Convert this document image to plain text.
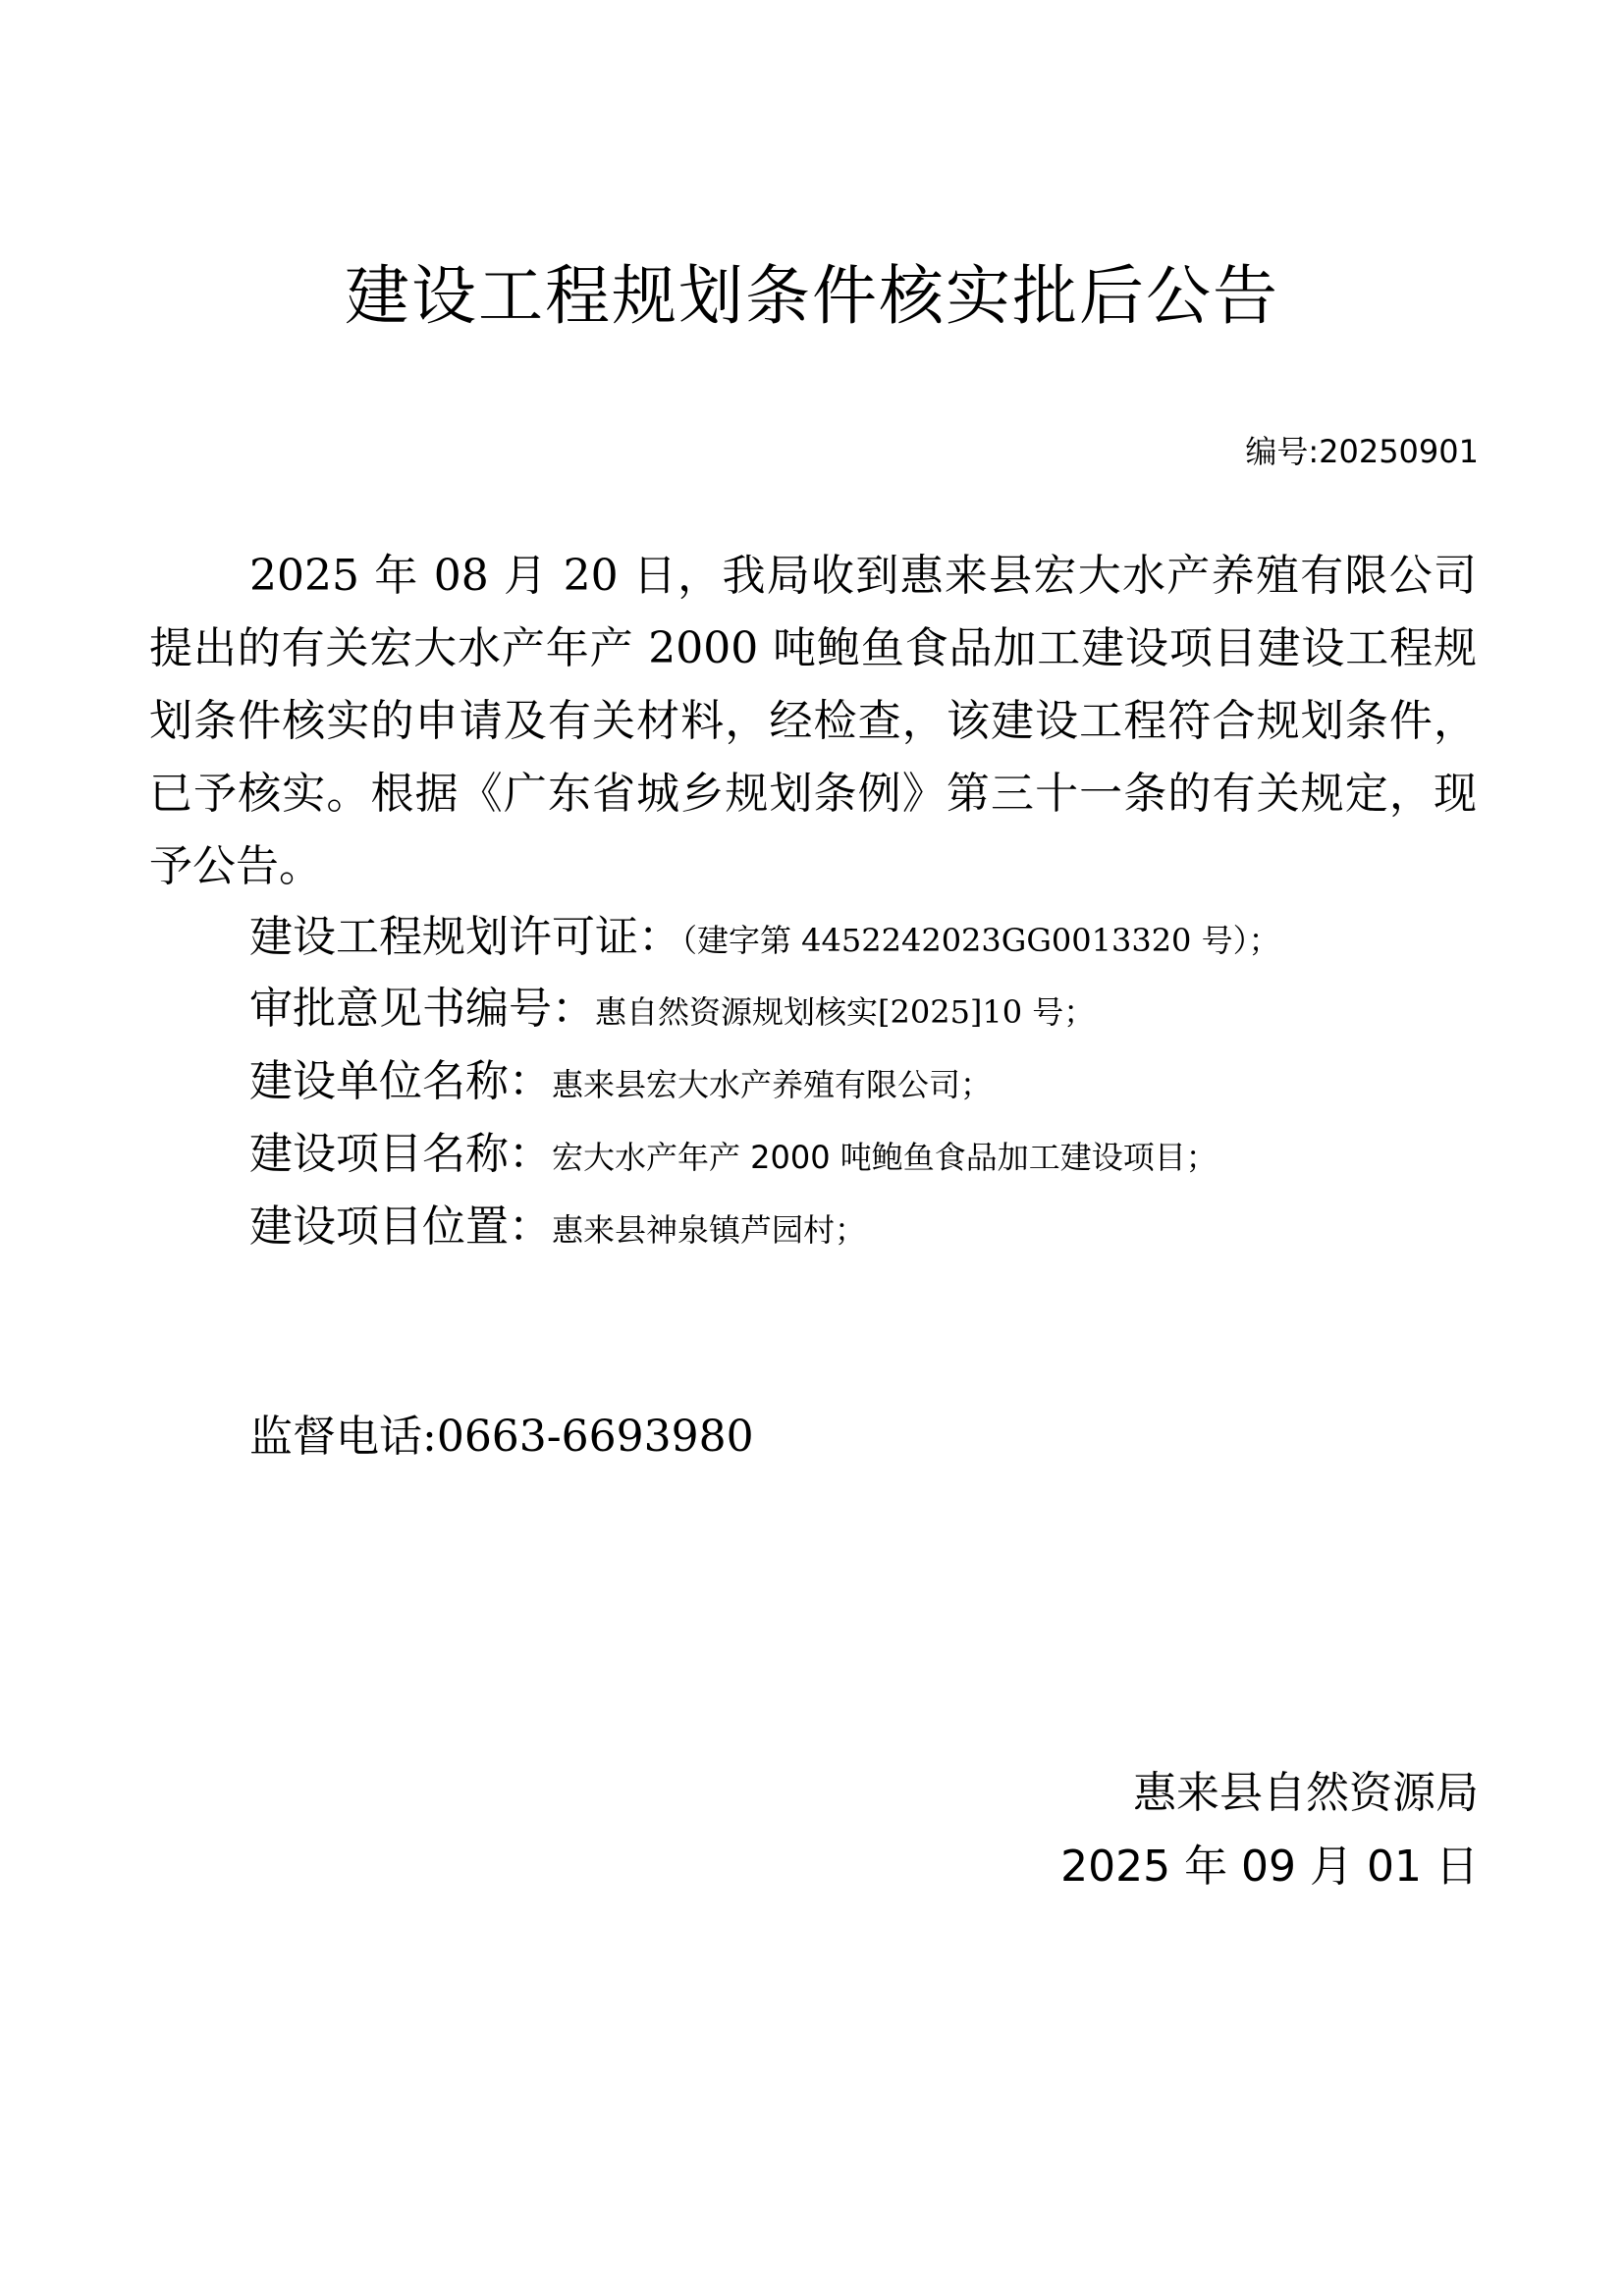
建设工程规划条件核实批后公告
编号:20250901

2025 年 08 月 20 日，我局收到惠来县宏大水产养殖有限公司提出的有关宏大水产年产 2000 吨鲍鱼食品加工建设项目建设工程规划条件核实的申请及有关材料，经检查，该建设工程符合规划条件，已予核实。根据《广东省城乡规划条例》第三十一条的有关规定，现予公告。

建设工程规划许可证：（建字第 4452242023GG0013320 号）；
审批意见书编号：惠自然资源规划核实[2025]10 号；
建设单位名称：惠来县宏大水产养殖有限公司；
建设项目名称：宏大水产年产 2000 吨鲍鱼食品加工建设项目；
建设项目位置：惠来县神泉镇芦园村；
监督电话:0663-6693980
惠来县自然资源局
2025 年 09 月 01 日
